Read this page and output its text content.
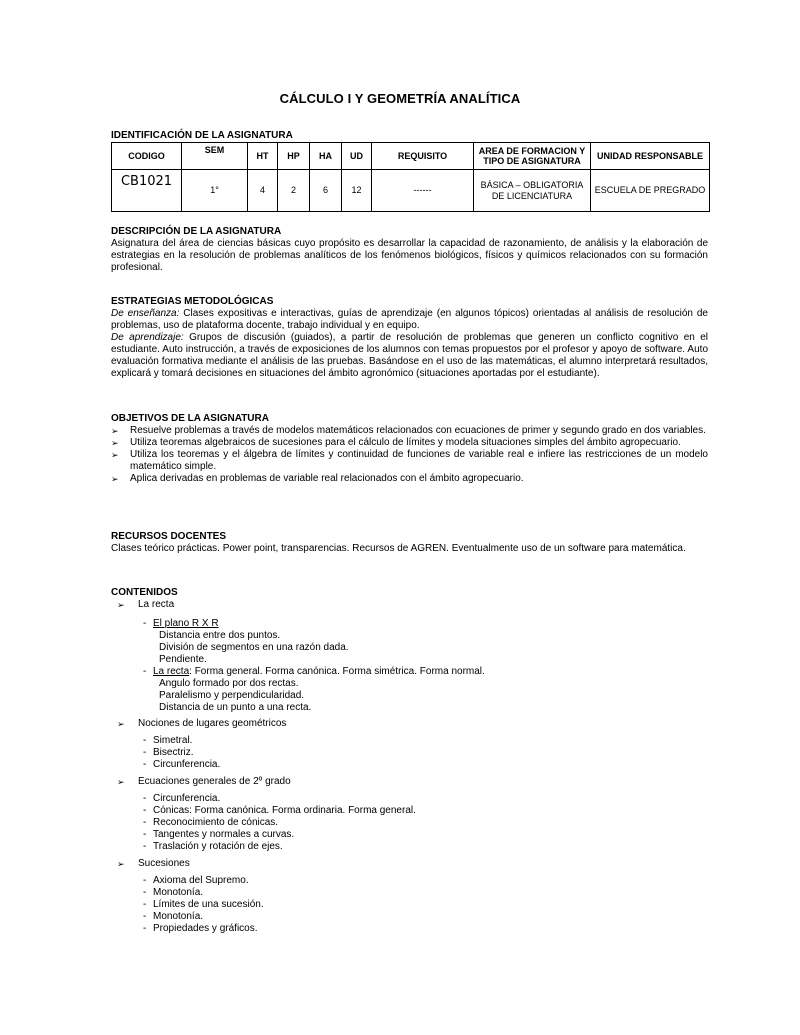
CÁLCULO I Y GEOMETRÍA ANALÍTICA
IDENTIFICACIÓN DE LA ASIGNATURA
CODIGO	SEM	HT	HP	HA	UD	REQUISITO	AREA DE FORMACION Y TIPO DE ASIGNATURA	UNIDAD RESPONSABLE
CB1021	1°	4	2	6	12	------	BÁSICA – OBLIGATORIA DE LICENCIATURA	ESCUELA DE PREGRADO
DESCRIPCIÓN DE LA ASIGNATURA
Asignatura del área de ciencias básicas cuyo propósito es desarrollar la capacidad de razonamiento, de análisis y la elaboración de estrategias en la resolución de problemas analíticos de los fenómenos biológicos, físicos y químicos relacionados con su formación profesional.
ESTRATEGIAS METODOLÓGICAS
De enseñanza: Clases expositivas e interactivas, guías de aprendizaje (en algunos tópicos) orientadas al análisis de resolución de problemas, uso de plataforma docente, trabajo individual y en equipo.
De aprendizaje: Grupos de discusión (guiados), a partir de resolución de problemas que generen un conflicto cognitivo en el estudiante. Auto instrucción, a través de exposiciones de los alumnos con temas propuestos por el profesor y apoyo de software. Auto evaluación formativa mediante el análisis de las pruebas. Basándose en el uso de las matemáticas, el alumno interpretará resultados, explicará y tomará decisiones en situaciones del ámbito agronómico (situaciones aportadas por el estudiante).
OBJETIVOS DE LA ASIGNATURA
➢ Resuelve problemas a través de modelos matemáticos relacionados con ecuaciones de primer y segundo grado en dos variables.
➢ Utiliza teoremas algebraicos de sucesiones para el cálculo de límites y modela situaciones simples del ámbito agropecuario.
➢ Utiliza los teoremas y el álgebra de límites y continuidad de funciones de variable real e infiere las restricciones de un modelo matemático simple.
➢ Aplica derivadas en problemas de variable real relacionados con el ámbito agropecuario.
RECURSOS DOCENTES
Clases teórico prácticas. Power point, transparencias. Recursos de AGREN. Eventualmente uso de un software para matemática.
CONTENIDOS
➢ La recta
- El plano R X R
Distancia entre dos puntos.
División de segmentos en una razón dada.
Pendiente.
- La recta: Forma general. Forma canónica. Forma simétrica. Forma normal.
Angulo formado por dos rectas.
Paralelismo y perpendicularidad.
Distancia de un punto a una recta.
➢ Nociones de lugares geométricos
- Simetral.
- Bisectriz.
- Circunferencia.
➢ Ecuaciones generales de 2º grado
- Circunferencia.
- Cónicas: Forma canónica. Forma ordinaria. Forma general.
- Reconocimiento de cónicas.
- Tangentes y normales a curvas.
- Traslación y rotación de ejes.
➢ Sucesiones
- Axioma del Supremo.
- Monotonía.
- Límites de una sucesión.
- Monotonía.
- Propiedades y gráficos.
